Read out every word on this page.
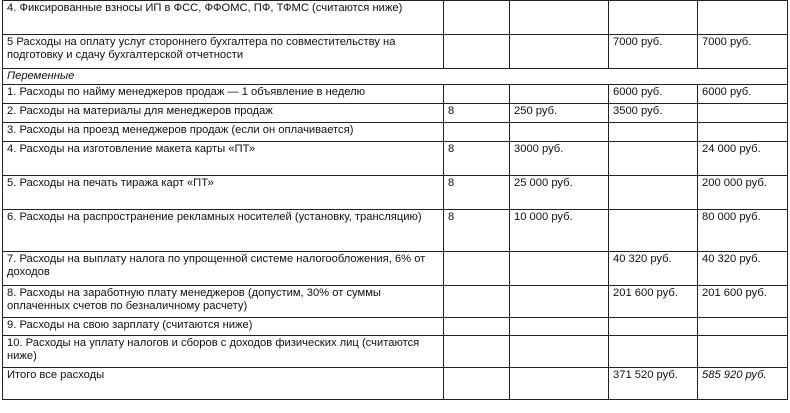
4. Фиксированные взносы ИП в ФСС, ФФОМС, ПФ, ТФМС (считаются ниже)				
5 Расходы на оплату услуг стороннего бухгалтера по совместительству на подготовку и сдачу бухгалтерской отчетности			7000 руб.	7000 руб.
Переменные				
1. Расходы по найму менеджеров продаж — 1 объявление в неделю			6000 руб.	6000 руб.
2. Расходы на материалы для менеджеров продаж	8	250 руб.	3500 руб.	
3. Расходы на проезд менеджеров продаж (если он оплачивается)				
4. Расходы на изготовление макета карты «ПТ»	8	3000 руб.		24 000 руб.
5. Расходы на печать тиража карт «ПТ»	8	25 000 руб.		200 000 руб.
6. Расходы на распространение рекламных носителей (установку, трансляцию)	8	10 000 руб.		80 000 руб.
7. Расходы на выплату налога по упрощенной системе налогообложения, 6% от доходов			40 320 руб.	40 320 руб.
8. Расходы на заработную плату менеджеров (допустим, 30% от суммы оплаченных счетов по безналичному расчету)			201 600 руб.	201 600 руб.
9. Расходы на свою зарплату (считаются ниже)				
10. Расходы на уплату налогов и сборов с доходов физических лиц (считаются ниже)				
Итого все расходы			371 520 руб.	585 920 руб.
